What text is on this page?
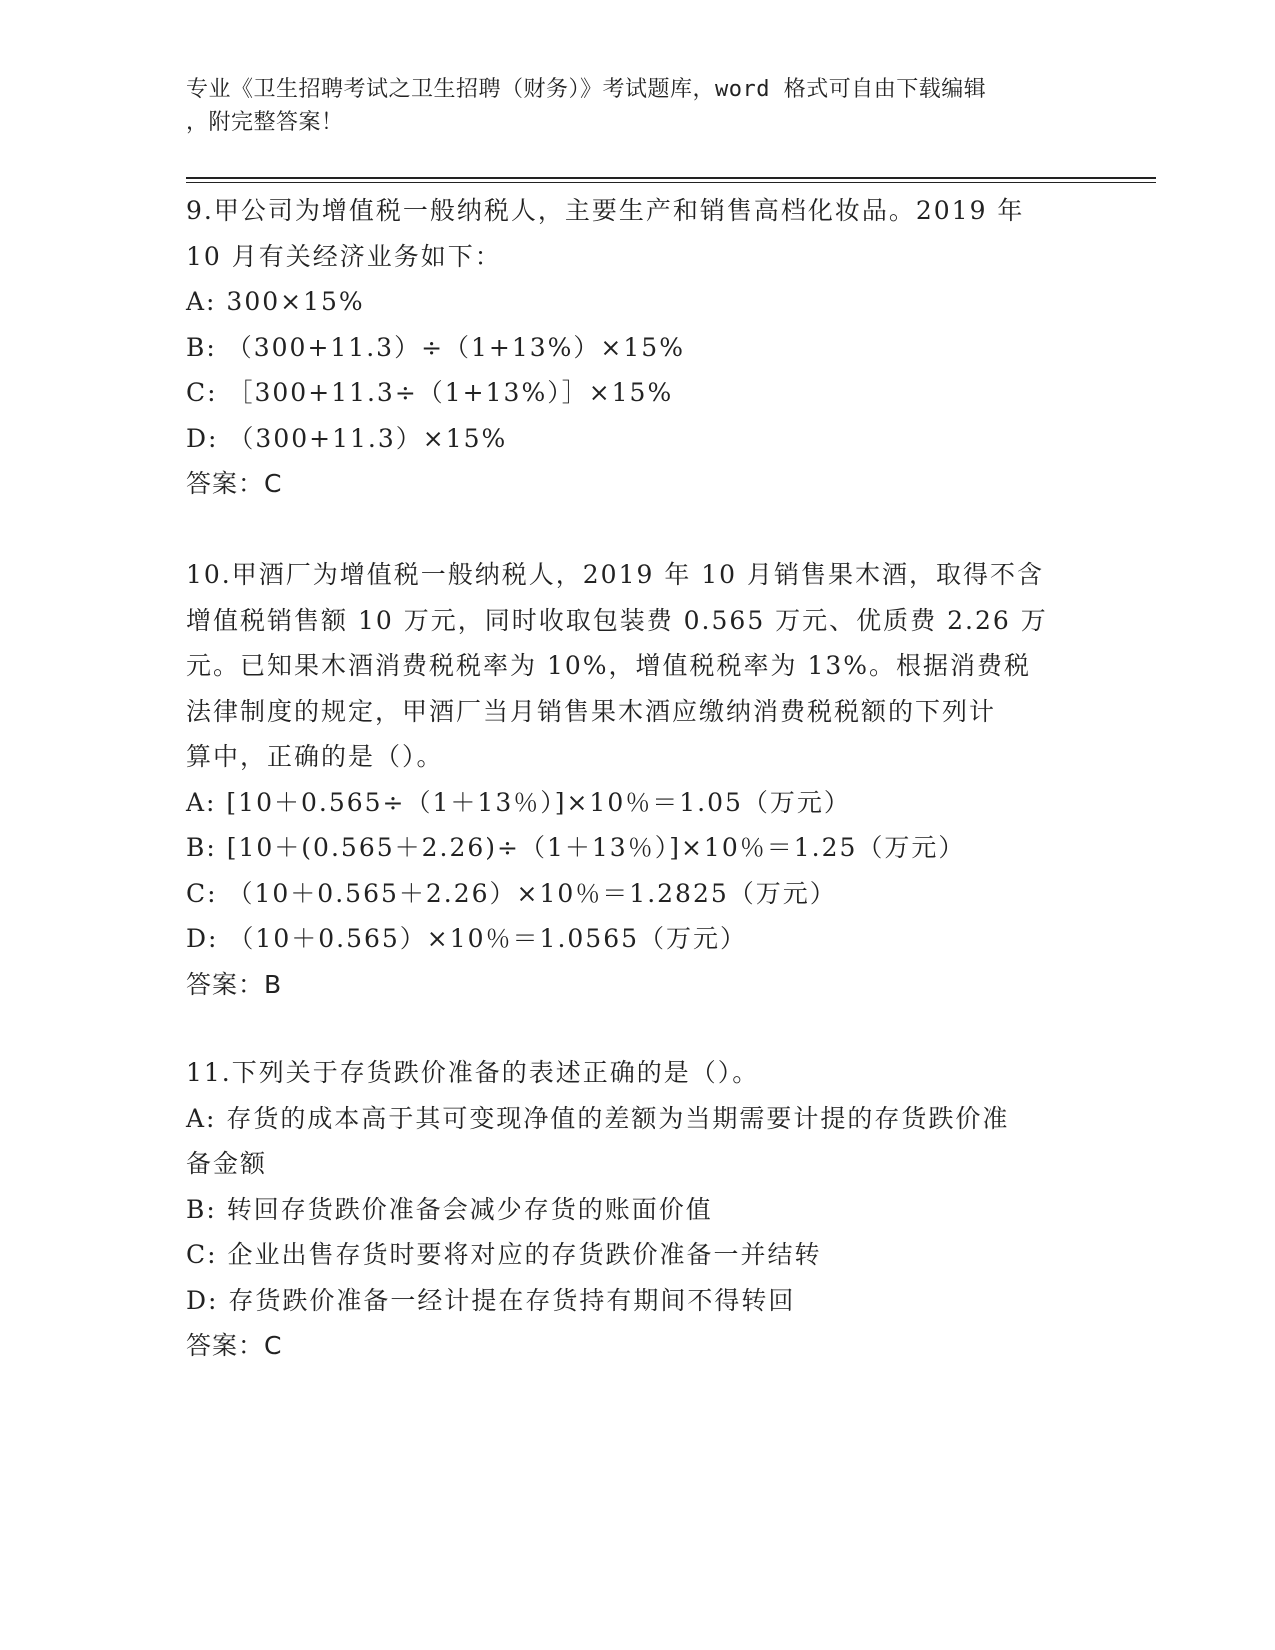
专业《卫生招聘考试之卫生招聘（财务）》考试题库，word 格式可自由下载编辑
，附完整答案！

9.甲公司为增值税一般纳税人，主要生产和销售高档化妆品。2019 年

10 月有关经济业务如下：

A: 300×15%

B: （300+11.3）÷（1+13%）×15%

C: ［300+11.3÷（1+13%）］×15%

D: （300+11.3）×15%

答案：C

10.甲酒厂为增值税一般纳税人，2019 年 10 月销售果木酒，取得不含

增值税销售额 10 万元，同时收取包装费 0.565 万元、优质费 2.26 万

元。已知果木酒消费税税率为 10%，增值税税率为 13%。根据消费税

法律制度的规定，甲酒厂当月销售果木酒应缴纳消费税税额的下列计

算中，正确的是（）。

A: [10＋0.565÷（1＋13％）]×10％＝1.05（万元）

B: [10＋(0.565＋2.26)÷（1＋13％）]×10％＝1.25（万元）

C: （10＋0.565＋2.26）×10％＝1.2825（万元）

D: （10＋0.565）×10％＝1.0565（万元）

答案：B

11.下列关于存货跌价准备的表述正确的是（）。

A: 存货的成本高于其可变现净值的差额为当期需要计提的存货跌价准

备金额

B: 转回存货跌价准备会减少存货的账面价值

C: 企业出售存货时要将对应的存货跌价准备一并结转

D: 存货跌价准备一经计提在存货持有期间不得转回

答案：C
